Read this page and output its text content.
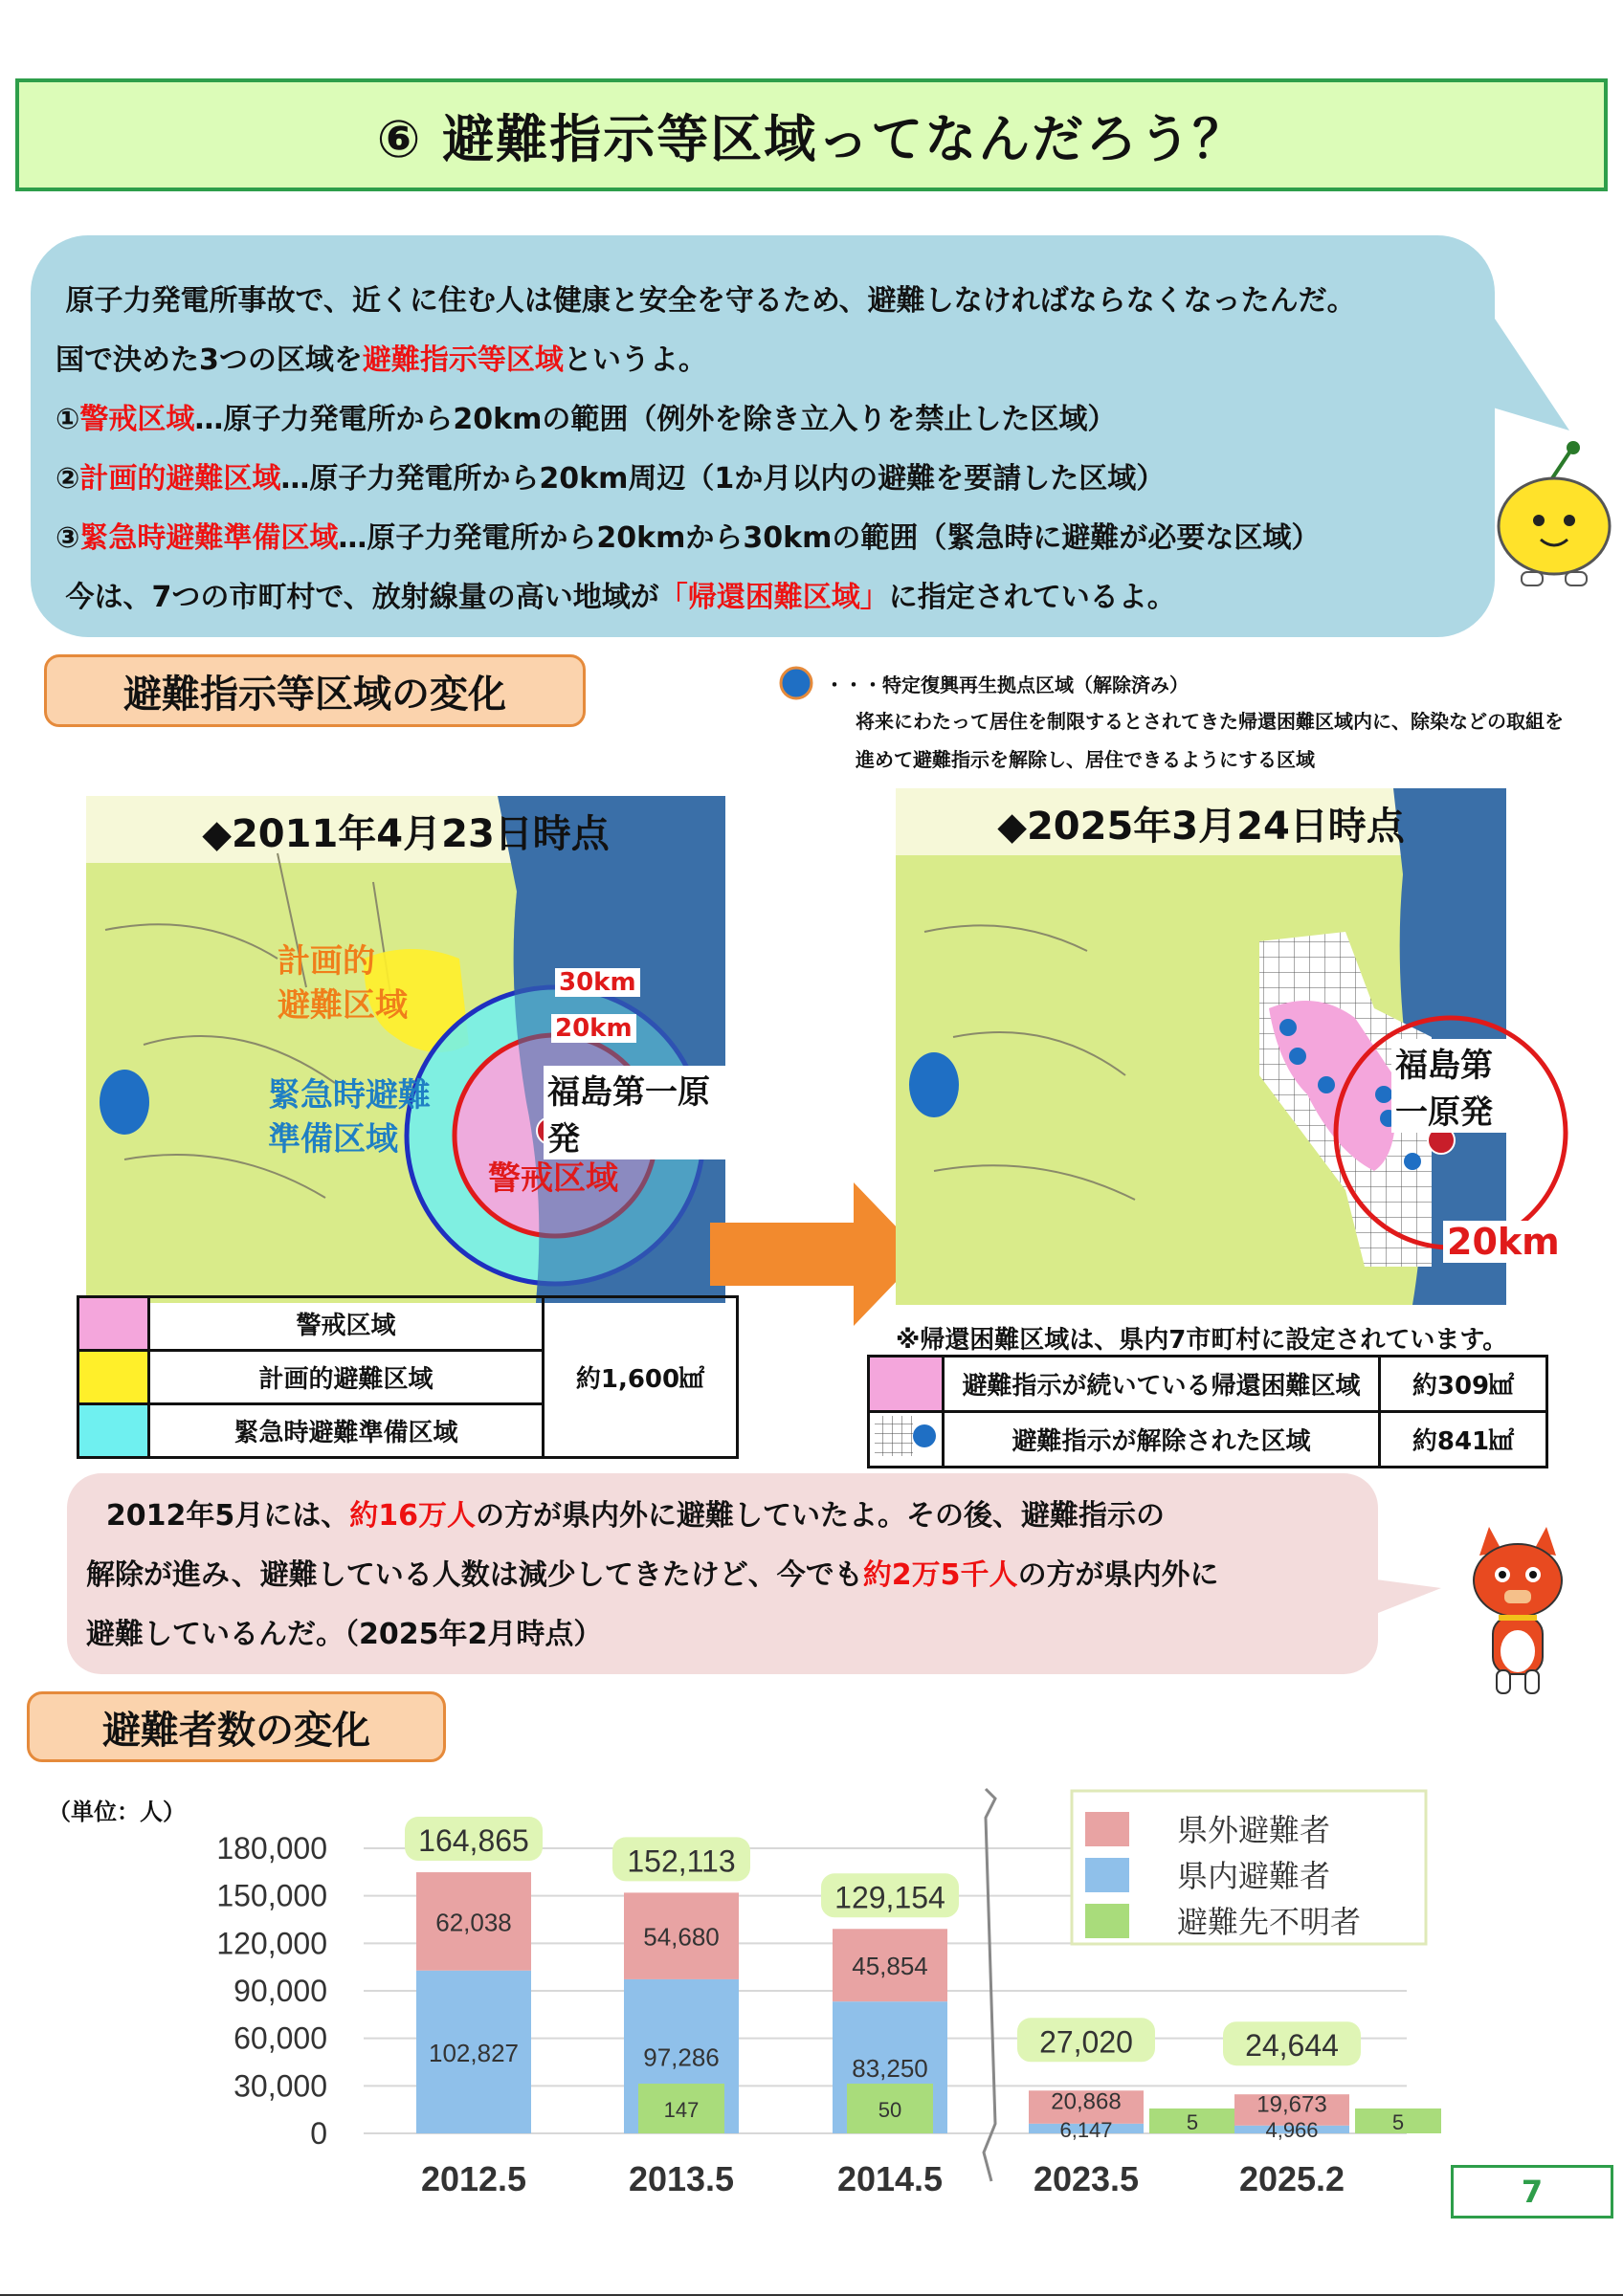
⑥ 避難指示等区域ってなんだろう？
原子力発電所事故で、近くに住む人は健康と安全を守るため、避難しなければならなくなったんだ。
国で決めた3つの区域を避難指示等区域というよ。
①警戒区域…原子力発電所から20kmの範囲（例外を除き立入りを禁止した区域）
②計画的避難区域…原子力発電所から20km周辺（1か月以内の避難を要請した区域）
③緊急時避難準備区域…原子力発電所から20kmから30kmの範囲（緊急時に避難が必要な区域）
今は、7つの市町村で、放射線量の高い地域が「帰還困難区域」に指定されているよ。
避難指示等区域の変化	・・・特定復興再生拠点区域（解除済み）
将来にわたって居住を制限するとされてきた帰還困難区域内に、除染などの取組を
進めて避難指示を解除し、居住できるようにする区域
◆2011年4月23日時点
計画的
避難区域
緊急時避難
準備区域
警戒区域
30km
20km
福島第一原発
◆2025年3月24日時点
福島第一原発
20km
	警戒区域	約1,600㎢
	計画的避難区域	
	緊急時避難準備区域	
※帰還困難区域は、県内7市町村に設定されています。
	避難指示が続いている帰還困難区域	約309㎢
	避難指示が解除された区域	約841㎢
2012年5月には、約16万人の方が県内外に避難していたよ。その後、避難指示の
解除が進み、避難している人数は減少してきたけど、今でも約2万5千人の方が県内外に
避難しているんだ。（2025年2月時点）
避難者数の変化
（単位：人）
180,000
150,000
120,000
90,000
60,000
30,000
0
102,827
62,038
164,865
2012.5
97,286
54,680
147
152,113
2013.5
83,250
45,854
50
129,154
2014.5
6,147
20,868
5
27,020
2023.5
4,966
19,673
5
24,644
2025.2
県外避難者
県内避難者
避難先不明者
7
